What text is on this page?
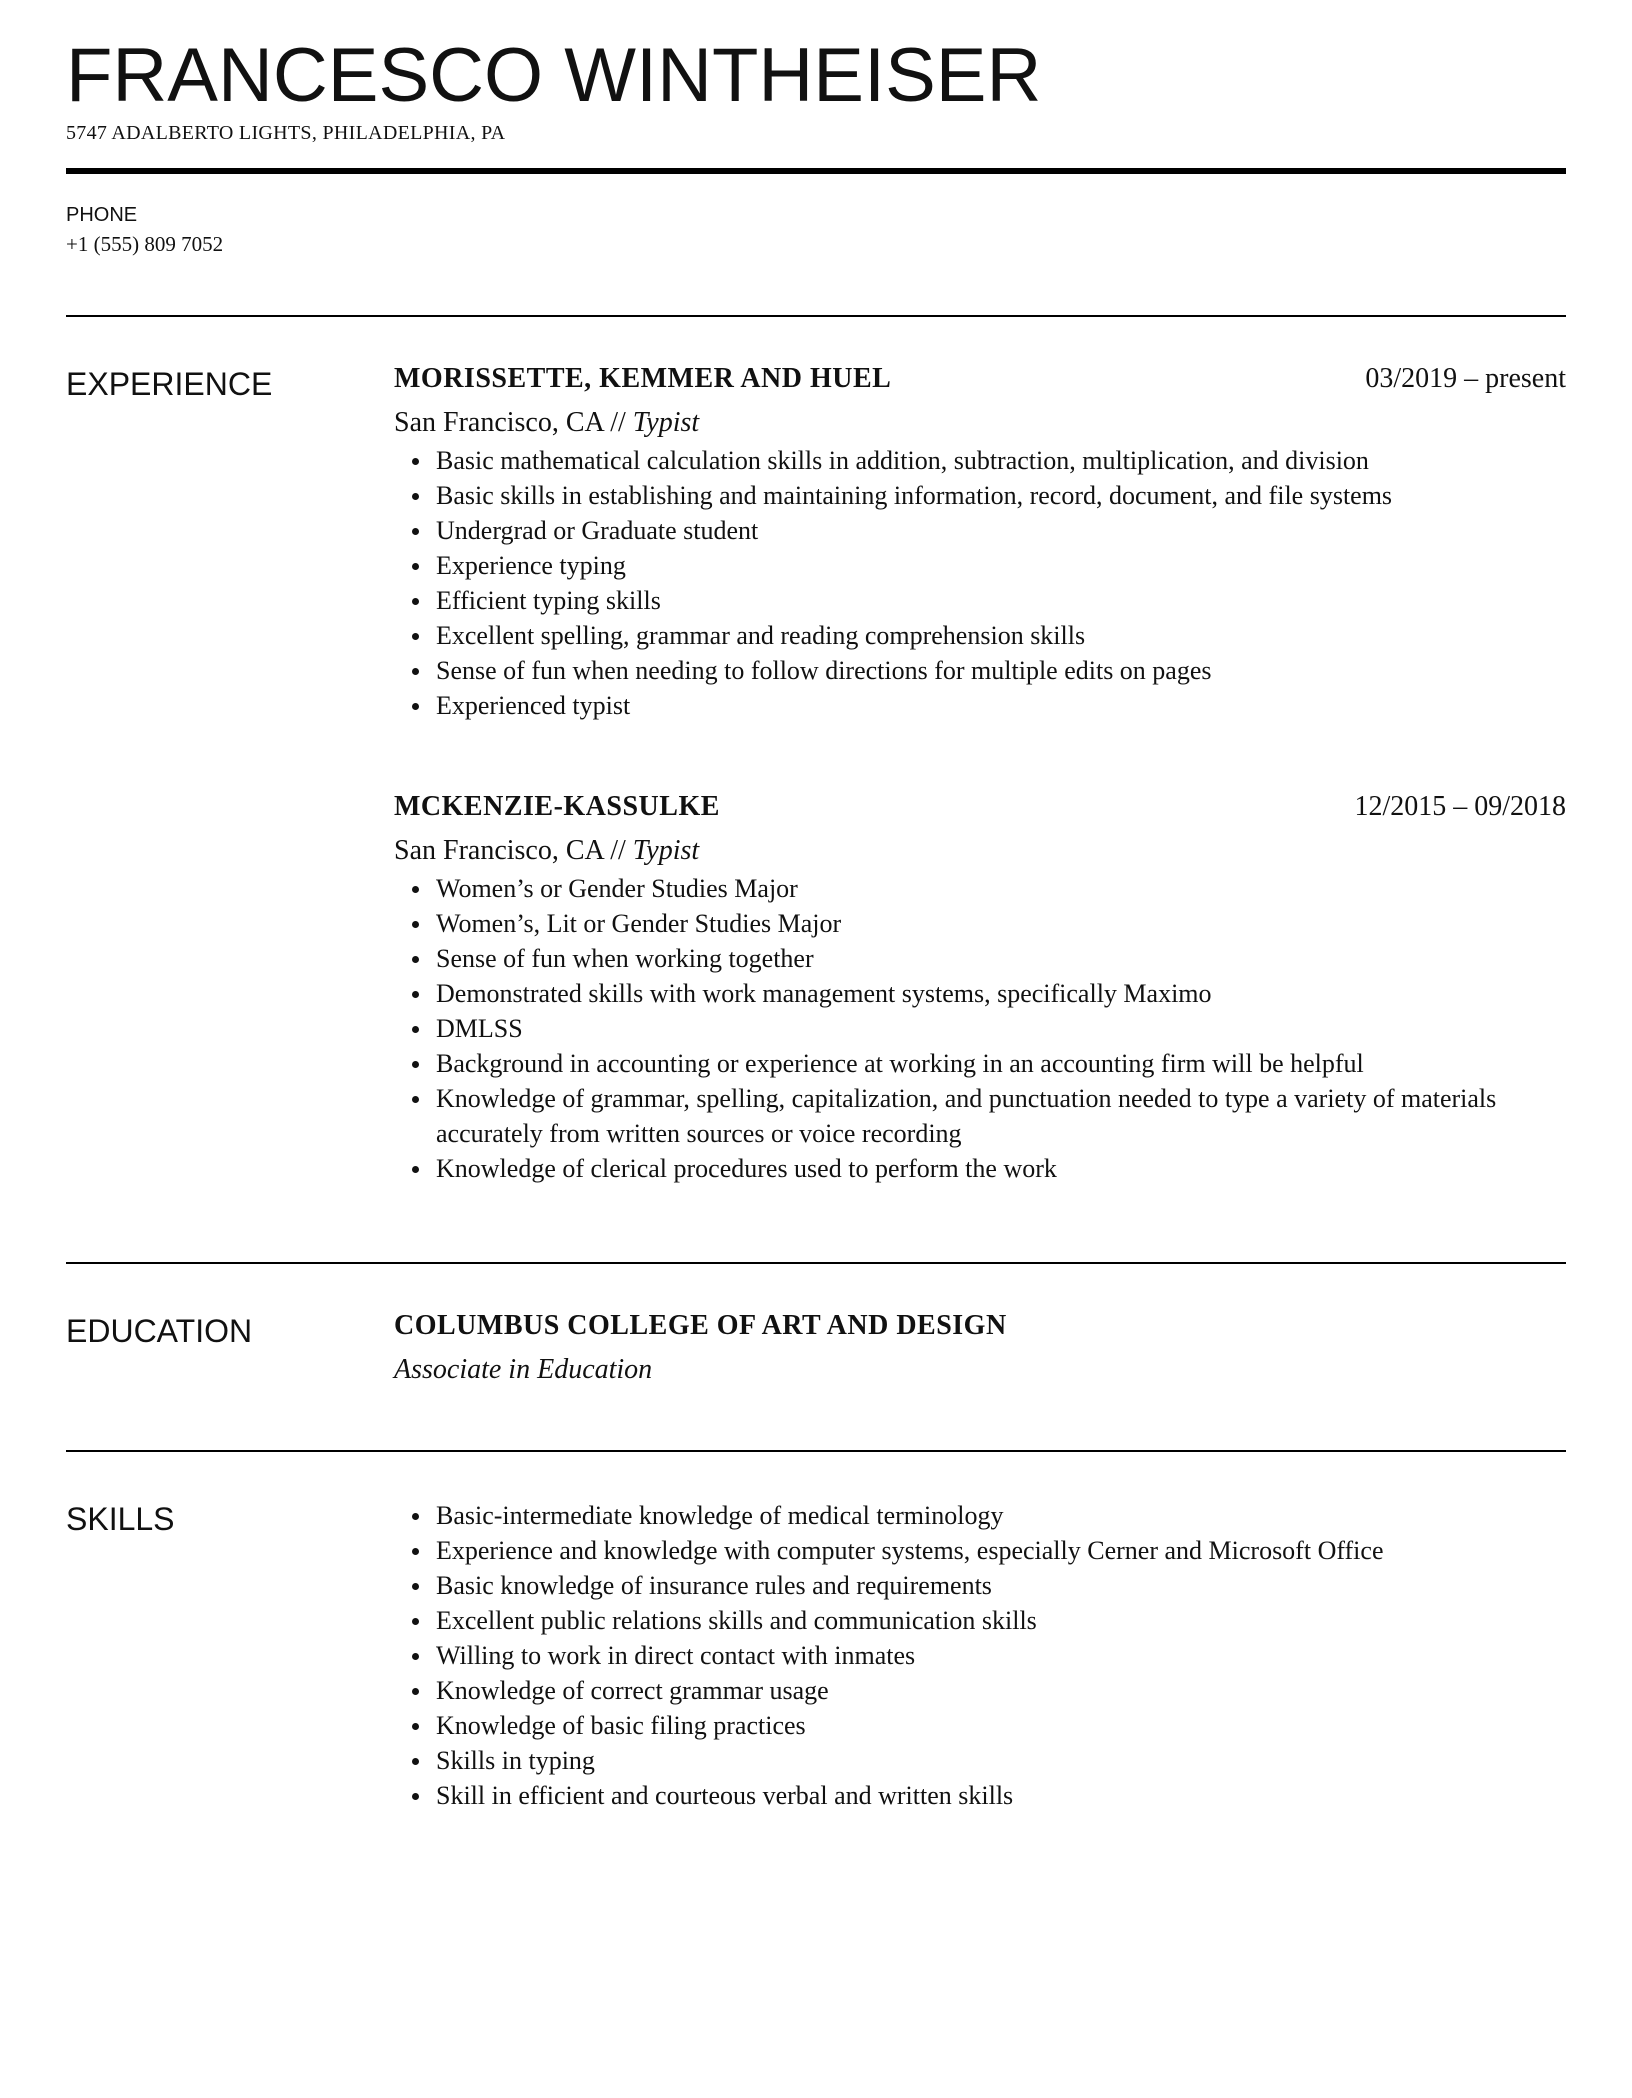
FRANCESCO WINTHEISER
5747 ADALBERTO LIGHTS, PHILADELPHIA, PA
PHONE
+1 (555) 809 7052
EXPERIENCE	MORISSETTE, KEMMER AND HUEL	03/2019 – present
San Francisco, CA // Typist
Basic mathematical calculation skills in addition, subtraction, multiplication, and division
Basic skills in establishing and maintaining information, record, document, and file systems
Undergrad or Graduate student
Experience typing
Efficient typing skills
Excellent spelling, grammar and reading comprehension skills
Sense of fun when needing to follow directions for multiple edits on pages
Experienced typist
MCKENZIE-KASSULKE	12/2015 – 09/2018
San Francisco, CA // Typist
Women’s or Gender Studies Major
Women’s, Lit or Gender Studies Major
Sense of fun when working together
Demonstrated skills with work management systems, specifically Maximo
DMLSS
Background in accounting or experience at working in an accounting firm will be helpful
Knowledge of grammar, spelling, capitalization, and punctuation needed to type a variety of materials accurately from written sources or voice recording
Knowledge of clerical procedures used to perform the work
EDUCATION	COLUMBUS COLLEGE OF ART AND DESIGN
Associate in Education
SKILLS	Basic-intermediate knowledge of medical terminology
Experience and knowledge with computer systems, especially Cerner and Microsoft Office
Basic knowledge of insurance rules and requirements
Excellent public relations skills and communication skills
Willing to work in direct contact with inmates
Knowledge of correct grammar usage
Knowledge of basic filing practices
Skills in typing
Skill in efficient and courteous verbal and written skills
